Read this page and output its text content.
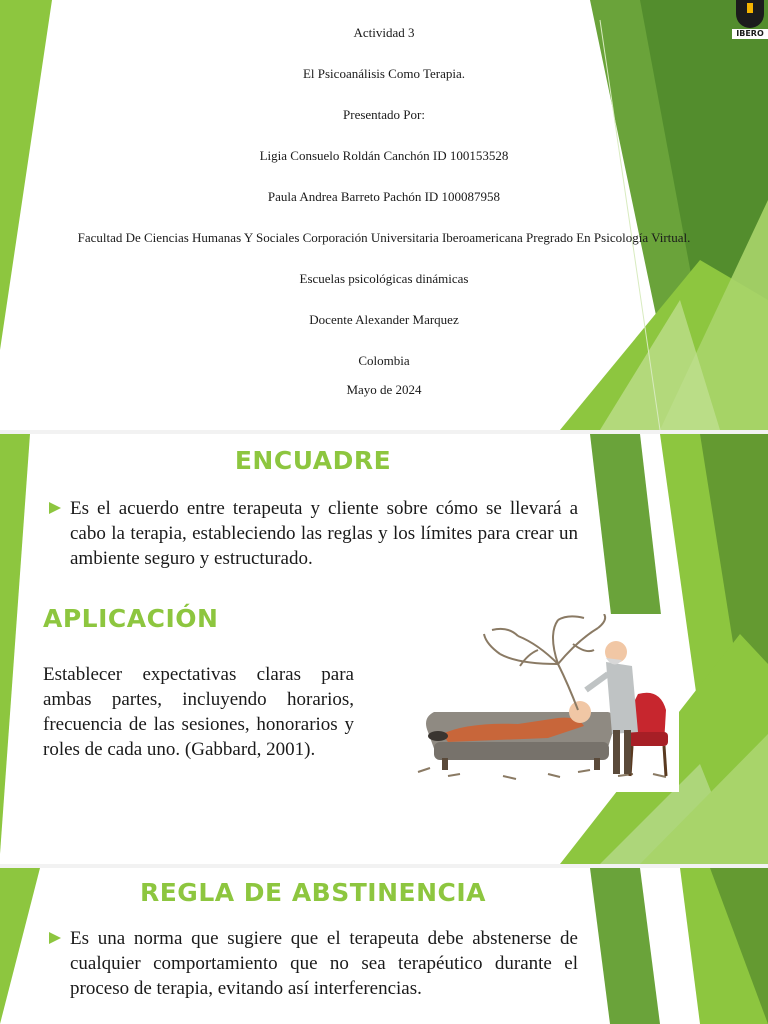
IBERO
Actividad 3
El Psicoanálisis Como Terapia.
Presentado Por:
Ligia Consuelo Roldán Canchón ID 100153528
Paula Andrea Barreto Pachón ID 100087958
Facultad De Ciencias Humanas Y Sociales Corporación Universitaria Iberoamericana Pregrado En Psicología Virtual.
Escuelas psicológicas dinámicas
Docente Alexander Marquez
Colombia
Mayo de 2024
ENCUADRE
Es el acuerdo entre terapeuta y cliente sobre cómo se llevará a cabo la terapia, estableciendo las reglas y los límites para crear un ambiente seguro y estructurado.
APLICACIÓN
Establecer expectativas claras para ambas partes, incluyendo horarios, frecuencia de las sesiones, honorarios y roles de cada uno. (Gabbard, 2001).
REGLA DE ABSTINENCIA
Es una norma que sugiere que el terapeuta debe abstenerse de cualquier comportamiento que no sea terapéutico durante el proceso de terapia, evitando así interferencias.
